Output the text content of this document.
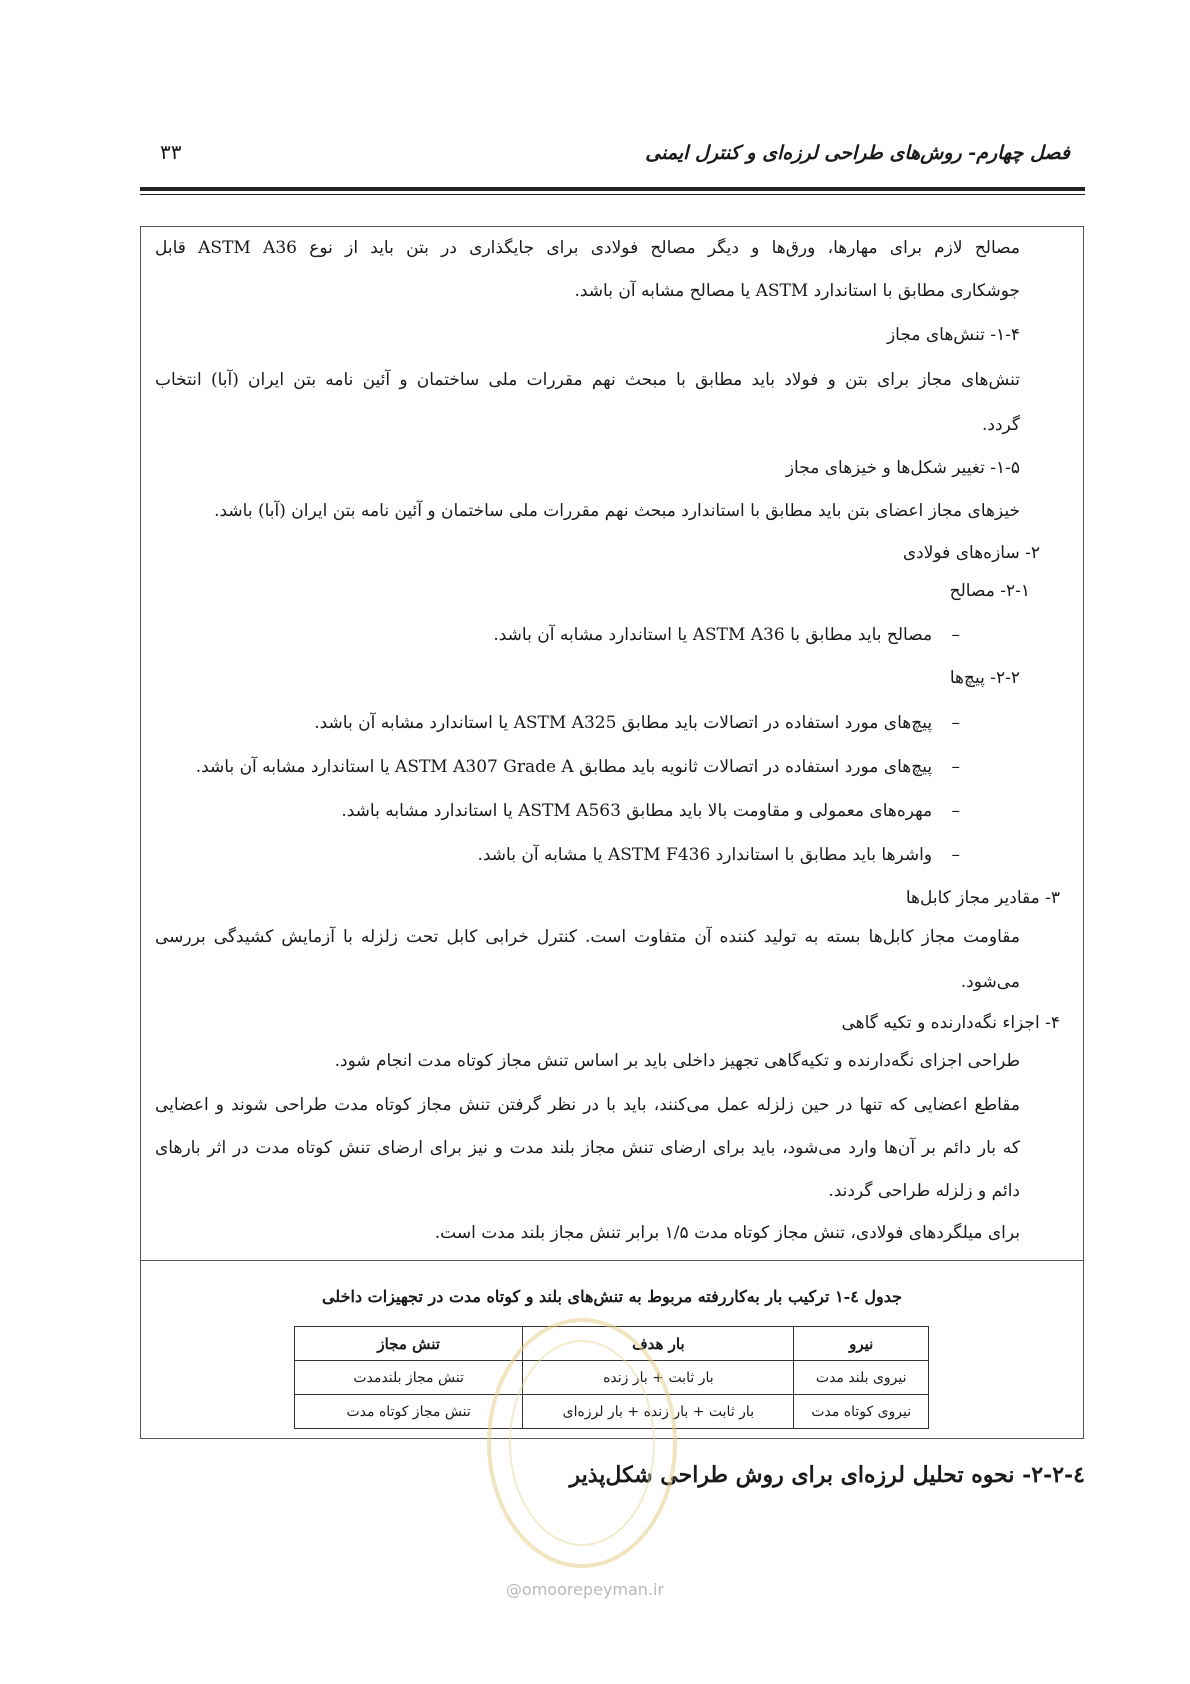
فصل چهارم- روش‌های طراحی لرزه‌ای و کنترل ایمنی
۳۳
مصالح لازم برای مهارها، ورق‌ها و دیگر مصالح فولادی برای جایگذاری در بتن باید از نوع ASTM A36 قابل
جوشکاری مطابق با استاندارد ASTM یا مصالح مشابه آن باشد.
۱-۴- تنش‌های مجاز
تنش‌های مجاز برای بتن و فولاد باید مطابق با مبحث نهم مقررات ملی ساختمان و آئین نامه بتن ایران (آبا) انتخاب
گردد.
۱-۵- تغییر شکل‌ها و خیزهای مجاز
خیزهای مجاز اعضای بتن باید مطابق با استاندارد مبحث نهم مقررات ملی ساختمان و آئین نامه بتن ایران (آبا) باشد.
۲- سازه‌های فولادی
۲-۱- مصالح
– مصالح باید مطابق با ASTM A36 یا استاندارد مشابه آن باشد.
۲-۲- پیچ‌ها
– پیچ‌های مورد استفاده در اتصالات باید مطابق ASTM A325 یا استاندارد مشابه آن باشد.
– پیچ‌های مورد استفاده در اتصالات ثانویه باید مطابق ASTM A307 Grade A یا استاندارد مشابه آن باشد.
– مهره‌های معمولی و مقاومت بالا باید مطابق ASTM A563 یا استاندارد مشابه باشد.
– واشرها باید مطابق با استاندارد ASTM F436 یا مشابه آن باشد.
۳- مقادیر مجاز کابل‌ها
مقاومت مجاز کابل‌ها بسته به تولید کننده آن متفاوت است. کنترل خرابی کابل تحت زلزله با آزمایش کشیدگی بررسی
می‌شود.
۴- اجزاء نگه‌دارنده و تکیه گاهی
طراحی اجزای نگه‌دارنده و تکیه‌گاهی تجهیز داخلی باید بر اساس تنش مجاز کوتاه مدت انجام شود.
مقاطع اعضایی که تنها در حین زلزله عمل می‌کنند، باید با در نظر گرفتن تنش مجاز کوتاه مدت طراحی شوند و اعضایی
که بار دائم بر آن‌ها وارد می‌شود، باید برای ارضای تنش مجاز بلند مدت و نیز برای ارضای تنش کوتاه مدت در اثر بارهای
دائم و زلزله طراحی گردند.
برای میلگردهای فولادی، تنش مجاز کوتاه مدت ۱/۵ برابر تنش مجاز بلند مدت است.
جدول ٤-١ ترکیب بار به‌کاررفته مربوط به تنش‌های بلند و کوتاه مدت در تجهیزات داخلی
نیرو	بار هدف	تنش مجاز
نیروی بلند مدت	بار ثابت + بار زنده	تنش مجاز بلندمدت
نیروی کوتاه مدت	بار ثابت + بار زنده + بار لرزه‌ای	تنش مجاز کوتاه مدت
٤-٢-٢- نحوه تحلیل لرزه‌ای برای روش طراحی شکل‌پذیر
@omoorepeyman.ir
